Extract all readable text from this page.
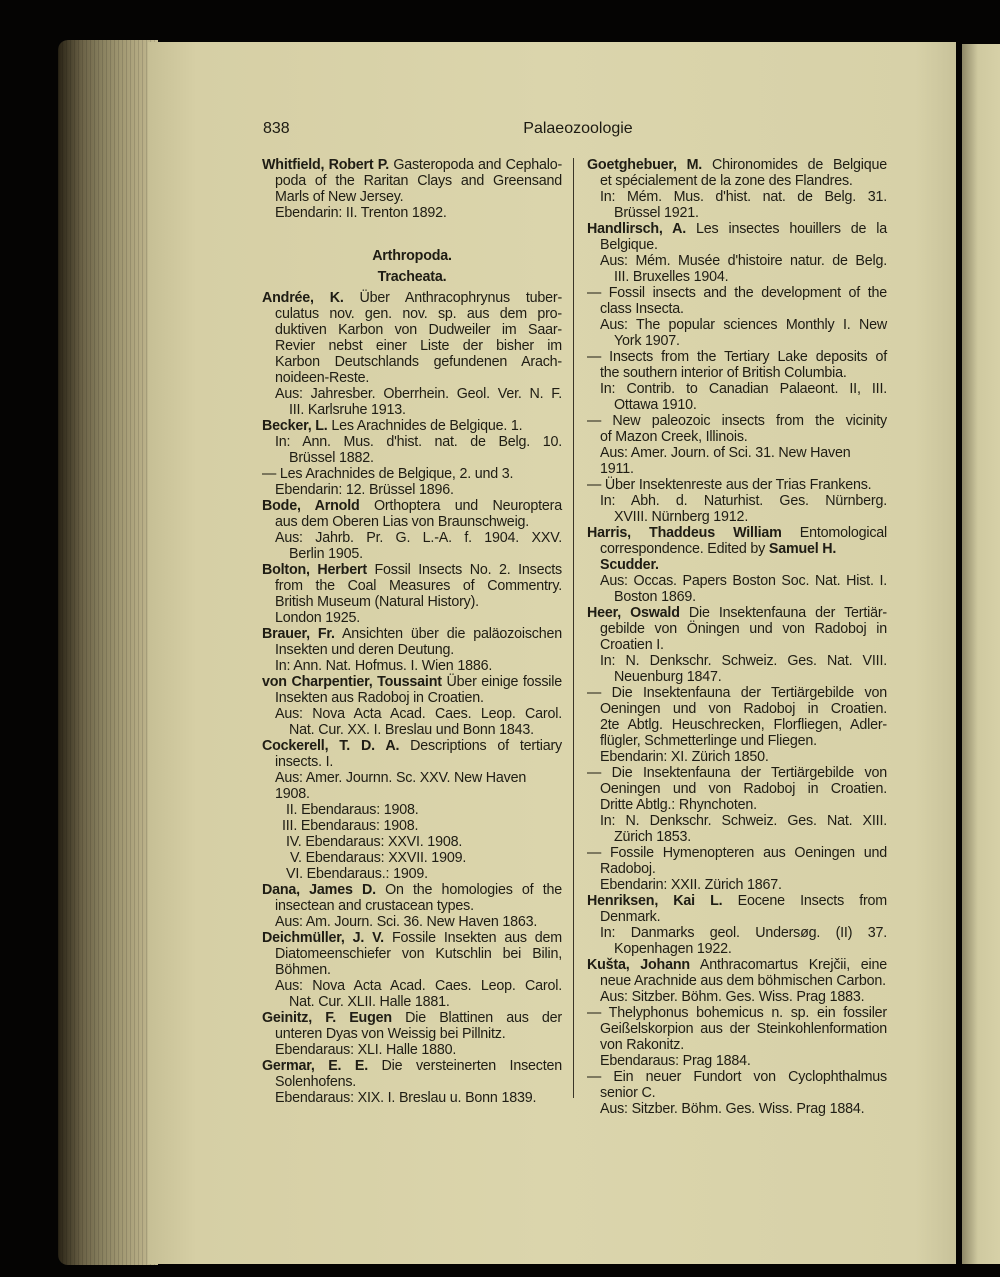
838	Palaeozoologie
Whitfield, Robert P. Gasteropoda and Cephalo-
poda of the Raritan Clays and Greensand
Marls of New Jersey.
Ebendarin: II. Trenton 1892.
Arthropoda.
Tracheata.
Andrée, K. Über Anthracophrynus tuber-
culatus nov. gen. nov. sp. aus dem pro-
duktiven Karbon von Dudweiler im Saar-
Revier nebst einer Liste der bisher im
Karbon Deutschlands gefundenen Arach-
noideen-Reste.
Aus: Jahresber. Oberrhein. Geol. Ver. N. F.
III. Karlsruhe 1913.
Becker, L. Les Arachnides de Belgique. 1.
In: Ann. Mus. d'hist. nat. de Belg. 10.
Brüssel 1882.
— Les Arachnides de Belgique, 2. und 3.
Ebendarin: 12. Brüssel 1896.
Bode, Arnold Orthoptera und Neuroptera
aus dem Oberen Lias von Braunschweig.
Aus: Jahrb. Pr. G. L.-A. f. 1904. XXV.
Berlin 1905.
Bolton, Herbert Fossil Insects No. 2. Insects
from the Coal Measures of Commentry.
British Museum (Natural History).
London 1925.
Brauer, Fr. Ansichten über die paläozoischen
Insekten und deren Deutung.
In: Ann. Nat. Hofmus. I. Wien 1886.
von Charpentier, Toussaint Über einige fossile
Insekten aus Radoboj in Croatien.
Aus: Nova Acta Acad. Caes. Leop. Carol.
Nat. Cur. XX. I. Breslau und Bonn 1843.
Cockerell, T. D. A. Descriptions of tertiary
insects. I.
Aus: Amer. Journn. Sc. XXV. New Haven 1908.
II. Ebendaraus: 1908.
III. Ebendaraus: 1908.
IV. Ebendaraus: XXVI. 1908.
V. Ebendaraus: XXVII. 1909.
VI. Ebendaraus.: 1909.
Dana, James D. On the homologies of the
insectean and crustacean types.
Aus: Am. Journ. Sci. 36. New Haven 1863.
Deichmüller, J. V. Fossile Insekten aus dem
Diatomeenschiefer von Kutschlin bei Bilin,
Böhmen.
Aus: Nova Acta Acad. Caes. Leop. Carol.
Nat. Cur. XLII. Halle 1881.
Geinitz, F. Eugen Die Blattinen aus der
unteren Dyas von Weissig bei Pillnitz.
Ebendaraus: XLI. Halle 1880.
Germar, E. E. Die versteinerten Insecten
Solenhofens.
Ebendaraus: XIX. I. Breslau u. Bonn 1839.
Goetghebuer, M. Chironomides de Belgique
et spécialement de la zone des Flandres.
In: Mém. Mus. d'hist. nat. de Belg. 31.
Brüssel 1921.
Handlirsch, A. Les insectes houillers de la
Belgique.
Aus: Mém. Musée d'histoire natur. de Belg.
III. Bruxelles 1904.
— Fossil insects and the development of the
class Insecta.
Aus: The popular sciences Monthly I. New
York 1907.
— Insects from the Tertiary Lake deposits of
the southern interior of British Columbia.
In: Contrib. to Canadian Palaeont. II, III.
Ottawa 1910.
— New paleozoic insects from the vicinity
of Mazon Creek, Illinois.
Aus: Amer. Journ. of Sci. 31. New Haven 1911.
— Über Insektenreste aus der Trias Frankens.
In: Abh. d. Naturhist. Ges. Nürnberg.
XVIII. Nürnberg 1912.
Harris, Thaddeus William Entomological
correspondence. Edited by Samuel H. Scudder.
Aus: Occas. Papers Boston Soc. Nat. Hist. I.
Boston 1869.
Heer, Oswald Die Insektenfauna der Tertiär-
gebilde von Öningen und von Radoboj in
Croatien I.
In: N. Denkschr. Schweiz. Ges. Nat. VIII.
Neuenburg 1847.
— Die Insektenfauna der Tertiärgebilde von
Oeningen und von Radoboj in Croatien.
2te Abtlg. Heuschrecken, Florfliegen, Adler-
flügler, Schmetterlinge und Fliegen.
Ebendarin: XI. Zürich 1850.
— Die Insektenfauna der Tertiärgebilde von
Oeningen und von Radoboj in Croatien.
Dritte Abtlg.: Rhynchoten.
In: N. Denkschr. Schweiz. Ges. Nat. XIII.
Zürich 1853.
— Fossile Hymenopteren aus Oeningen und
Radoboj.
Ebendarin: XXII. Zürich 1867.
Henriksen, Kai L. Eocene Insects from
Denmark.
In: Danmarks geol. Undersøg. (II) 37.
Kopenhagen 1922.
Kušta, Johann Anthracomartus Krejčii, eine
neue Arachnide aus dem böhmischen Carbon.
Aus: Sitzber. Böhm. Ges. Wiss. Prag 1883.
— Thelyphonus bohemicus n. sp. ein fossiler
Geißelskorpion aus der Steinkohlenformation
von Rakonitz.
Ebendaraus: Prag 1884.
— Ein neuer Fundort von Cyclophthalmus
senior C.
Aus: Sitzber. Böhm. Ges. Wiss. Prag 1884.
